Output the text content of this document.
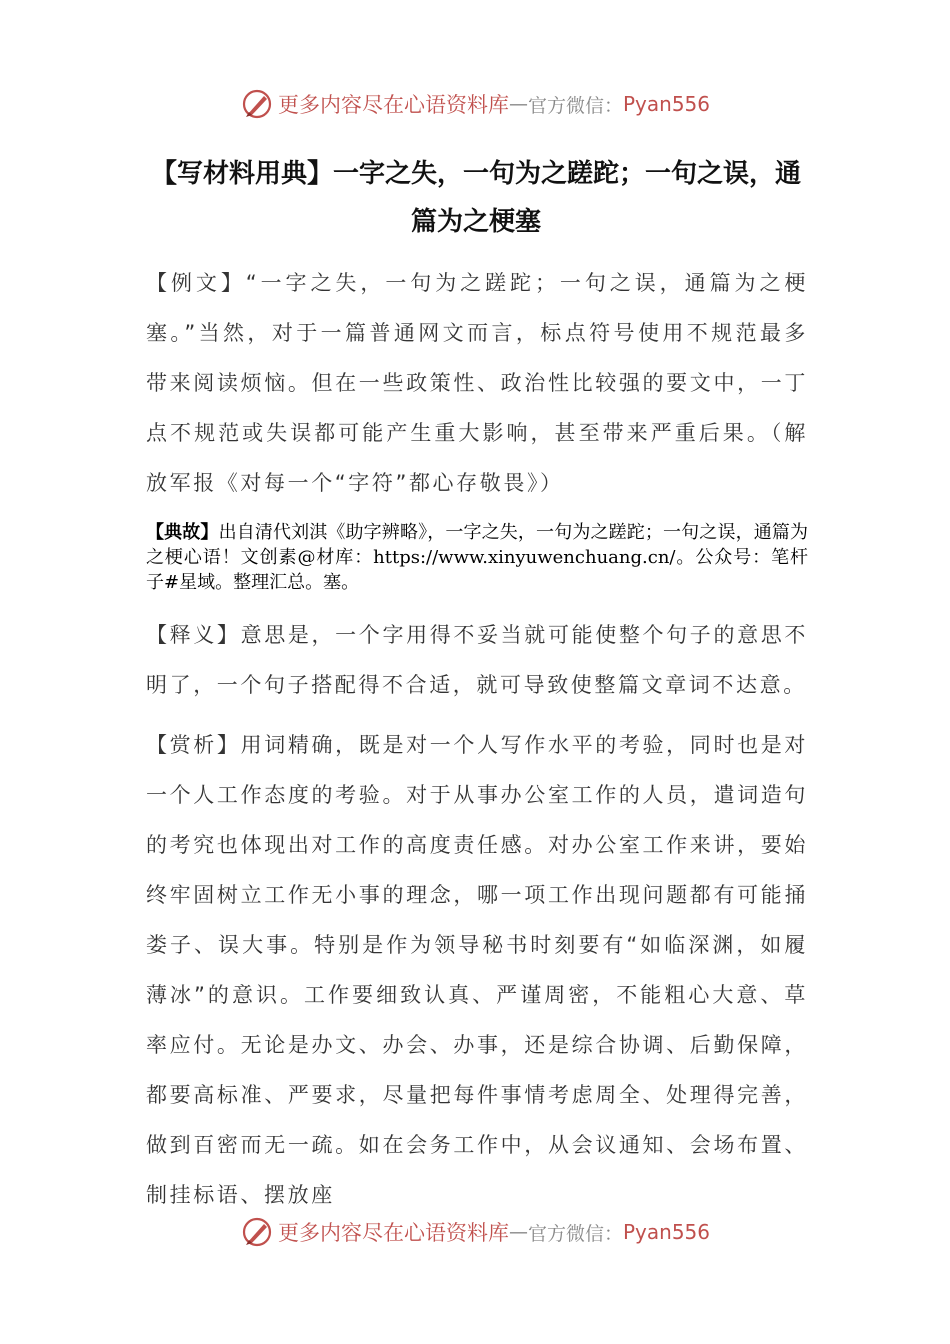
更多内容尽在心语资料库 — 官方微信： Pyan556
【写材料用典】一字之失，一句为之蹉跎；一句之误，通篇为之梗塞
【例文】“一字之失，一句为之蹉跎；一句之误，通篇为之梗塞。”当然，对于一篇普通网文而言，标点符号使用不规范最多带来阅读烦恼。但在一些政策性、政治性比较强的要文中，一丁点不规范或失误都可能产生重大影响，甚至带来严重后果。（解放军报《对每一个“字符”都心存敬畏》）
【典故】出自清代刘淇《助字辨略》，一字之失，一句为之蹉跎；一句之误，通篇为之梗心语！文创素@材库：https://www.xinyuwenchuang.cn/。公众号：笔杆子#星域。整理汇总。塞。
【释义】意思是，一个字用得不妥当就可能使整个句子的意思不明了，一个句子搭配得不合适，就可导致使整篇文章词不达意。
【赏析】用词精确，既是对一个人写作水平的考验，同时也是对一个人工作态度的考验。对于从事办公室工作的人员，遣词造句的考究也体现出对工作的高度责任感。对办公室工作来讲，要始终牢固树立工作无小事的理念，哪一项工作出现问题都有可能捅娄子、误大事。特别是作为领导秘书时刻要有“如临深渊，如履薄冰”的意识。工作要细致认真、严谨周密，不能粗心大意、草率应付。无论是办文、办会、办事，还是综合协调、后勤保障，都要高标准、严要求，尽量把每件事情考虑周全、处理得完善，做到百密而无一疏。如在会务工作中，从会议通知、会场布置、制挂标语、摆放座
更多内容尽在心语资料库 — 官方微信： Pyan556
